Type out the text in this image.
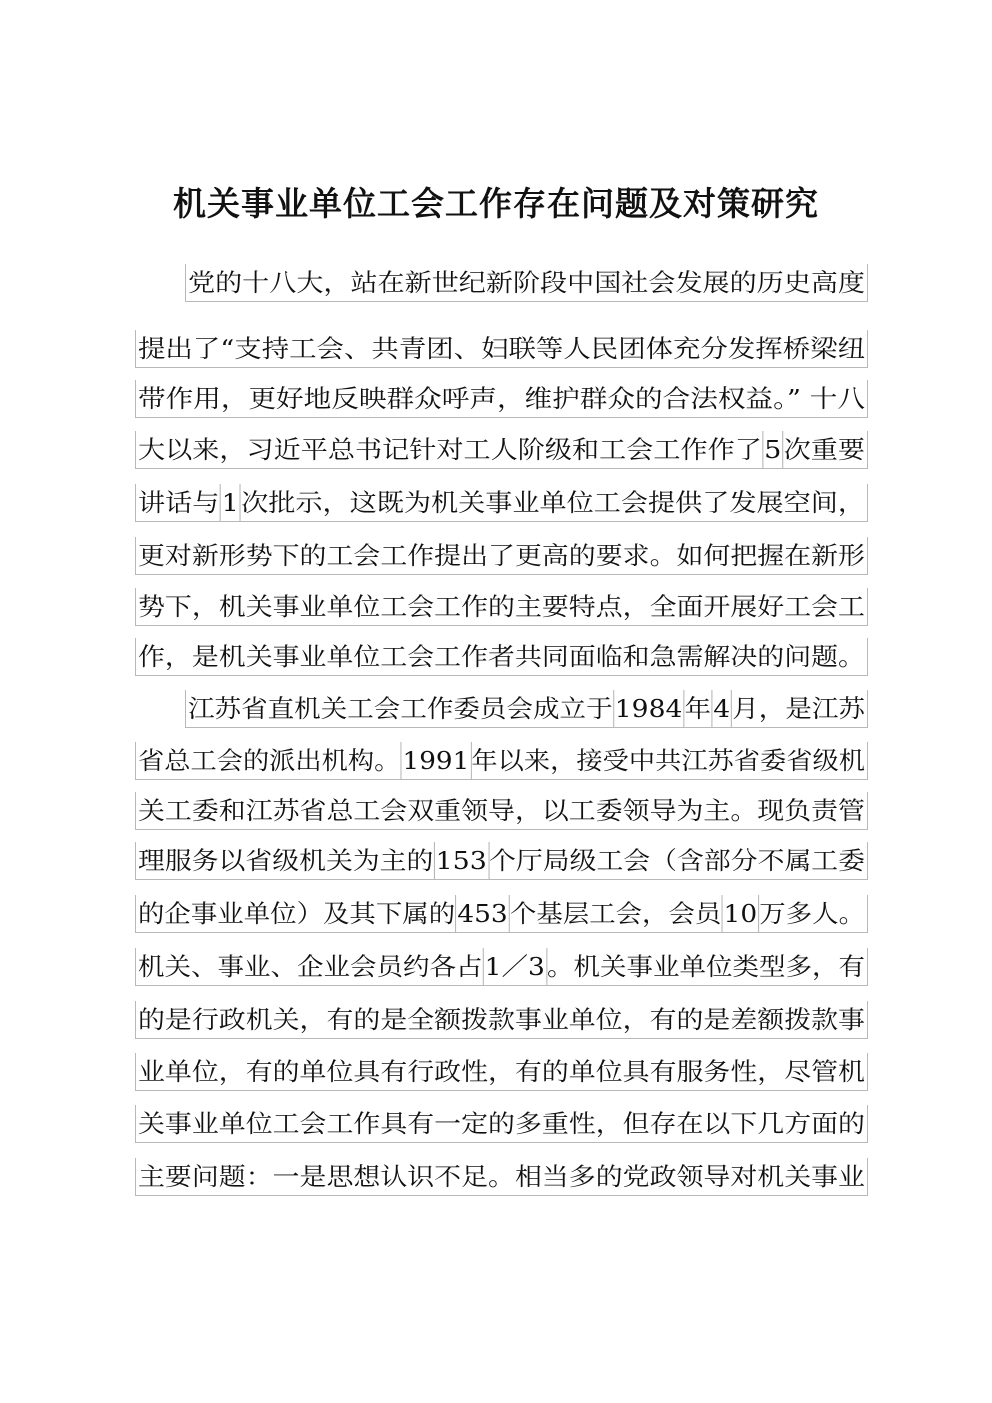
机关事业单位工会工作存在问题及对策研究
党的十八大，站在新世纪新阶段中国社会发展的历史高度
提出了“支持工会、共青团、妇联等人民团体充分发挥桥梁纽
带作用，更好地反映群众呼声，维护群众的合法权益。” 十八
大以来，习近平总书记针对工人阶级和工会工作作了5次重要
讲话与1次批示，这既为机关事业单位工会提供了发展空间，
更对新形势下的工会工作提出了更高的要求。如何把握在新形
势下，机关事业单位工会工作的主要特点，全面开展好工会工
作，是机关事业单位工会工作者共同面临和急需解决的问题。
江苏省直机关工会工作委员会成立于1984年4月，是江苏
省总工会的派出机构。1991年以来，接受中共江苏省委省级机
关工委和江苏省总工会双重领导，以工委领导为主。现负责管
理服务以省级机关为主的153个厅局级工会（含部分不属工委
的企事业单位）及其下属的453个基层工会，会员10万多人。
机关、事业、企业会员约各占1／3。机关事业单位类型多，有
的是行政机关，有的是全额拨款事业单位，有的是差额拨款事
业单位，有的单位具有行政性，有的单位具有服务性，尽管机
关事业单位工会工作具有一定的多重性，但存在以下几方面的
主要问题：一是思想认识不足。相当多的党政领导对机关事业
